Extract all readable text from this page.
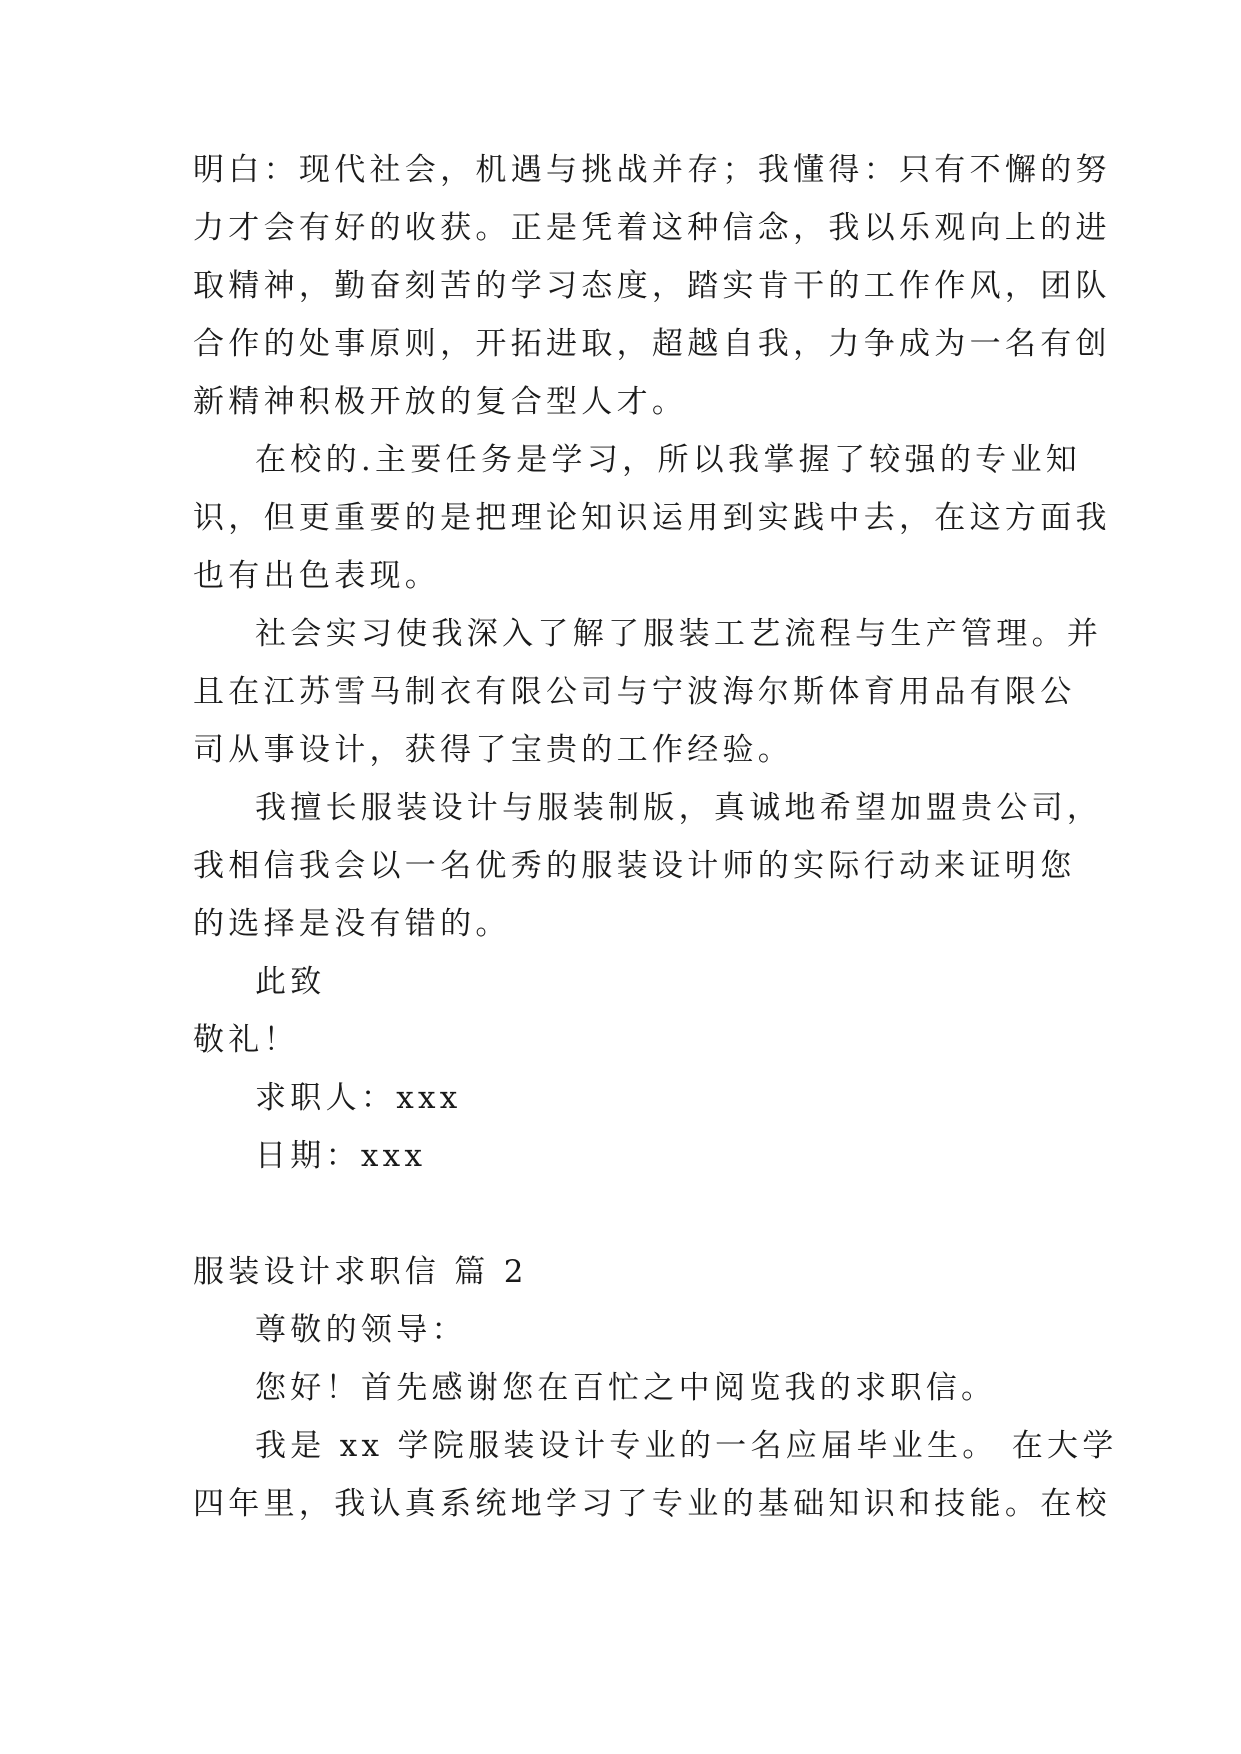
明白：现代社会，机遇与挑战并存；我懂得：只有不懈的努
力才会有好的收获。正是凭着这种信念，我以乐观向上的进
取精神，勤奋刻苦的学习态度，踏实肯干的工作作风，团队
合作的处事原则，开拓进取，超越自我，力争成为一名有创
新精神积极开放的复合型人才。
在校的.主要任务是学习，所以我掌握了较强的专业知
识，但更重要的是把理论知识运用到实践中去，在这方面我
也有出色表现。
社会实习使我深入了解了服装工艺流程与生产管理。并
且在江苏雪马制衣有限公司与宁波海尔斯体育用品有限公
司从事设计，获得了宝贵的工作经验。
我擅长服装设计与服装制版，真诚地希望加盟贵公司，
我相信我会以一名优秀的服装设计师的实际行动来证明您
的选择是没有错的。
此致
敬礼！
求职人：xxx
日期：xxx
服装设计求职信 篇 2
尊敬的领导：
您好！首先感谢您在百忙之中阅览我的求职信。
我是 xx 学院服装设计专业的一名应届毕业生。 在大学
四年里，我认真系统地学习了专业的基础知识和技能。在校
